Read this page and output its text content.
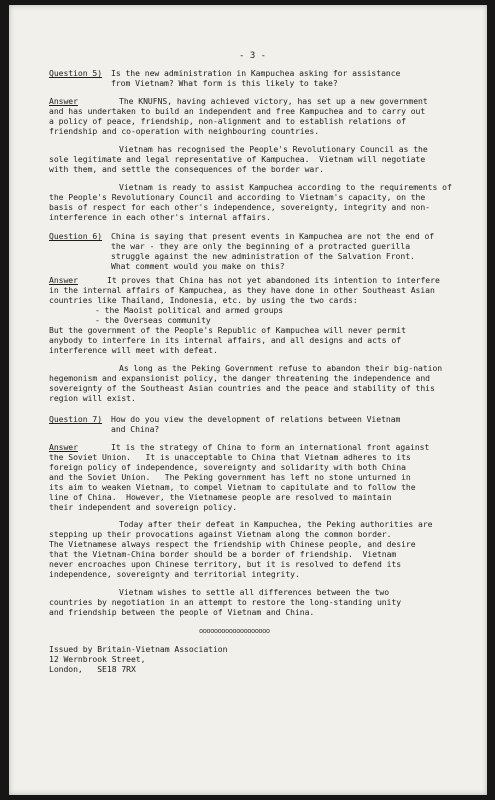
- 3 -
Question 5) Is the new administration in Kampuchea asking for assistance
from Vietnam? What form is this likely to take?
Answer	The KNUFNS, having achieved victory, has set up a new government
and has undertaken to build an independent and free Kampuchea and to carry out
a policy of peace, friendship, non-alignment and to establish relations of
friendship and co-operation with neighbouring countries.
Vietnam has recognised the People's Revolutionary Council as the
sole legitimate and legal representative of Kampuchea.  Vietnam will negotiate
with them, and settle the consequences of the border war.
Vietnam is ready to assist Kampuchea according to the requirements of
the People's Revolutionary Council and according to Vietnam's capacity, on the
basis of respect for each other's independence, sovereignty, integrity and non-
interference in each other's internal affairs.
Question 6) China is saying that present events in Kampuchea are not the end of
the war - they are only the beginning of a protracted guerilla
struggle against the new administration of the Salvation Front.
What comment would you make on this?
Answer	It proves that China has not yet abandoned its intention to interfere
in the internal affairs of Kampuchea, as they have done in other Southeast Asian
countries like Thailand, Indonesia, etc. by using the two cards:
- the Maoist political and armed groups
- the Overseas community
But the government of the People's Republic of Kampuchea will never permit
anybody to interfere in its internal affairs, and all designs and acts of
interference will meet with defeat.
As long as the Peking Government refuse to abandon their big-nation
hegemonism and expansionist policy, the danger threatening the independence and
sovereignty of the Southeast Asian countries and the peace and stability of this
region will exist.
Question 7) How do you view the development of relations between Vietnam
and China?
Answer	It is the strategy of China to form an international front against
the Soviet Union.   It is unacceptable to China that Vietnam adheres to its
foreign policy of independence, sovereignty and solidarity with both China
and the Soviet Union.   The Peking government has left no stone unturned in
its aim to weaken Vietnam, to compel Vietnam to capitulate and to follow the
line of China.  However, the Vietnamese people are resolved to maintain
their independent and sovereign policy.
Today after their defeat in Kampuchea, the Peking authorities are
stepping up their provocations against Vietnam along the common border.
The Vietnamese always respect the friendship with Chinese people, and desire
that the Vietnam-China border should be a border of friendship.  Vietnam
never encroaches upon Chinese territory, but it is resolved to defend its
independence, sovereignty and territorial integrity.
Vietnam wishes to settle all differences between the two
countries by negotiation in an attempt to restore the long-standing unity
and friendship between the people of Vietnam and China.
ooooooooooooooooooo
Issued by Britain-Vietnam Association
12 Wernbrook Street,
London,   SE18 7RX
